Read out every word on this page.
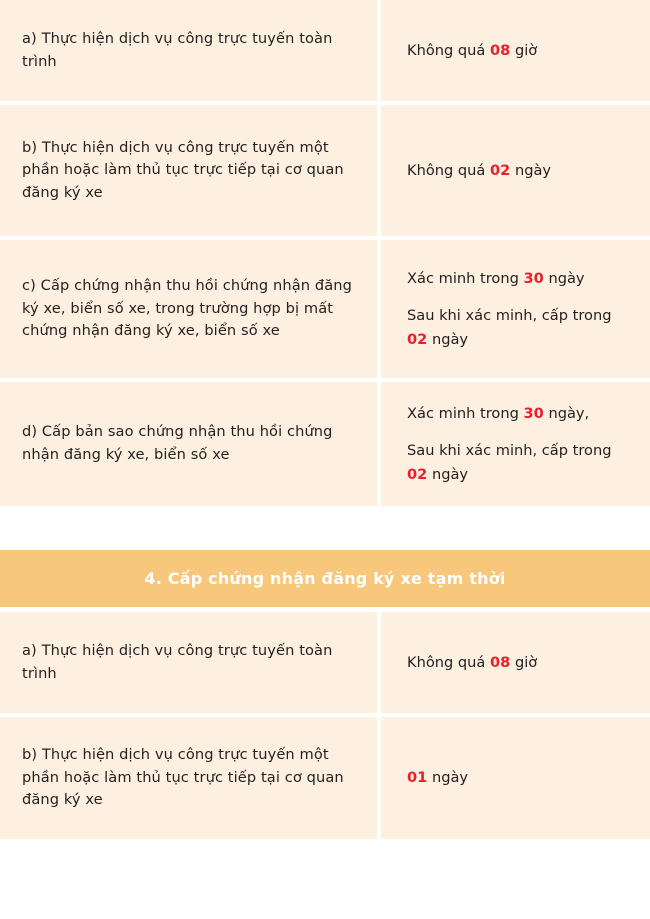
a) Thực hiện dịch vụ công trực tuyến toàn trình
Không quá 08 giờ
b) Thực hiện dịch vụ công trực tuyến một phần hoặc làm thủ tục trực tiếp tại cơ quan đăng ký xe
Không quá 02 ngày
c) Cấp chứng nhận thu hồi chứng nhận đăng ký xe, biển số xe, trong trường hợp bị mất chứng nhận đăng ký xe, biển số xe
Xác minh trong 30 ngày
Sau khi xác minh, cấp trong 02 ngày
d) Cấp bản sao chứng nhận thu hồi chứng nhận đăng ký xe, biển số xe
Xác minh trong 30 ngày,
Sau khi xác minh, cấp trong 02 ngày
4. Cấp chứng nhận đăng ký xe tạm thời
a) Thực hiện dịch vụ công trực tuyến toàn trình
Không quá 08 giờ
b) Thực hiện dịch vụ công trực tuyến một phần hoặc làm thủ tục trực tiếp tại cơ quan đăng ký xe
01 ngày
